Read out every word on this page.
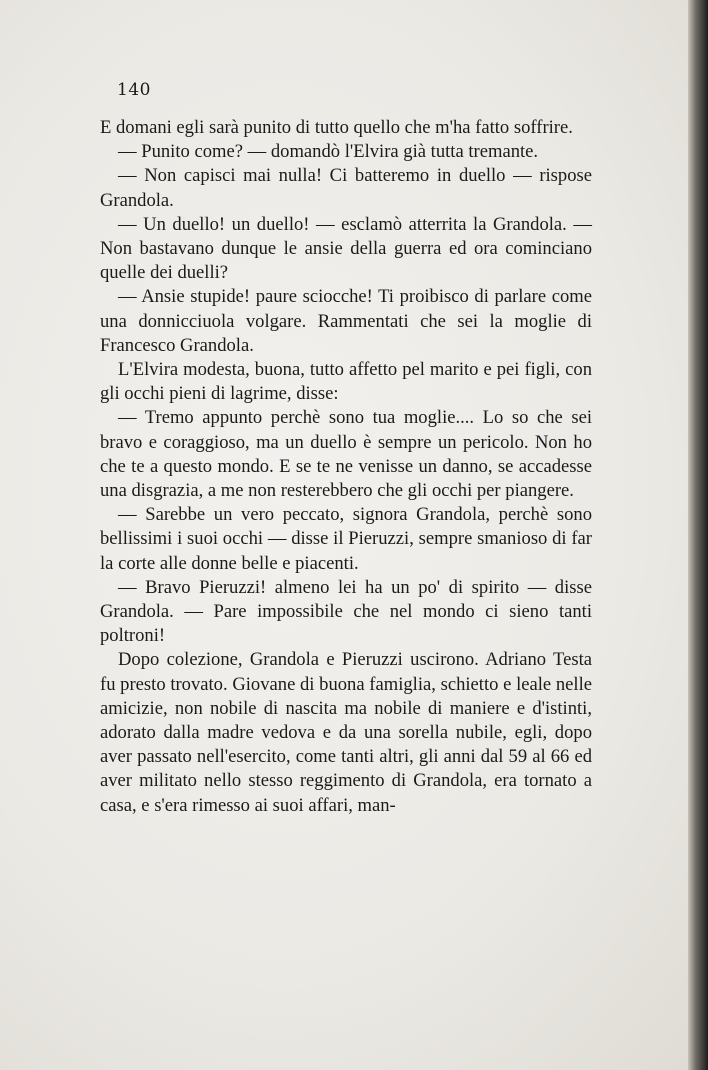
140

E domani egli sarà punito di tutto quello che m'ha fatto soffrire.

— Punito come? — domandò l'Elvira già tutta tremante.

— Non capisci mai nulla! Ci batteremo in duello — rispose Grandola.

— Un duello! un duello! — esclamò atterrita la Grandola. — Non bastavano dunque le ansie della guerra ed ora cominciano quelle dei duelli?

— Ansie stupide! paure sciocche! Ti proibisco di parlare come una donnicciuola volgare. Rammentati che sei la moglie di Francesco Grandola.

L'Elvira modesta, buona, tutto affetto pel marito e pei figli, con gli occhi pieni di lagrime, disse:

— Tremo appunto perchè sono tua moglie.... Lo so che sei bravo e coraggioso, ma un duello è sempre un pericolo. Non ho che te a questo mondo. E se te ne venisse un danno, se accadesse una disgrazia, a me non resterebbero che gli occhi per piangere.

— Sarebbe un vero peccato, signora Grandola, perchè sono bellissimi i suoi occhi — disse il Pieruzzi, sempre smanioso di far la corte alle donne belle e piacenti.

— Bravo Pieruzzi! almeno lei ha un po' di spirito — disse Grandola. — Pare impossibile che nel mondo ci sieno tanti poltroni!

Dopo colezione, Grandola e Pieruzzi uscirono. Adriano Testa fu presto trovato. Giovane di buona famiglia, schietto e leale nelle amicizie, non nobile di nascita ma nobile di maniere e d'istinti, adorato dalla madre vedova e da una sorella nubile, egli, dopo aver passato nell'esercito, come tanti altri, gli anni dal 59 al 66 ed aver militato nello stesso reggimento di Grandola, era tornato a casa, e s'era rimesso ai suoi affari, man-
